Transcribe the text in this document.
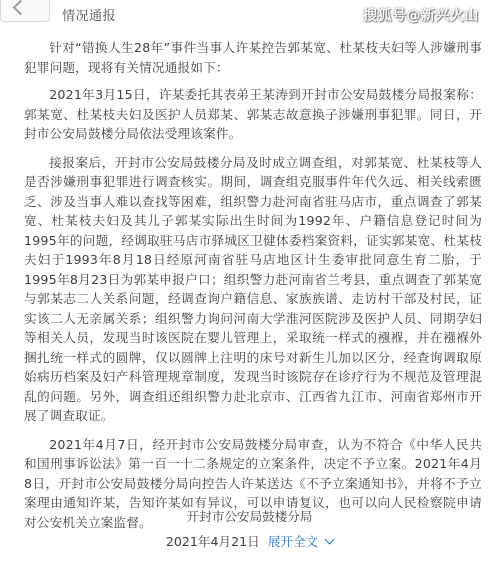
情况通报	搜狐号@新兴火山

针对“错换人生28年”事件当事人许某控告郭某宽、杜某枝夫妇等人涉嫌刑事犯罪问题，现将有关情况通报如下：

2021年3月15日，许某委托其表弟王某涛到开封市公安局鼓楼分局报案称：郭某宽、杜某枝夫妇及医护人员郑某、郭某志故意换子涉嫌刑事犯罪。同日，开封市公安局鼓楼分局依法受理该案件。

接报案后，开封市公安局鼓楼分局及时成立调查组，对郭某宽、杜某枝等人是否涉嫌刑事犯罪进行调查核实。期间，调查组克服事件年代久远、相关线索匮乏、涉及当事人难以查找等困难，组织警力赴河南省驻马店市，重点调查了郭某宽、杜某枝夫妇及其儿子郭某实际出生时间为1992年、户籍信息登记时间为1995年的问题，经调取驻马店市驿城区卫健体委档案资料，证实郭某宽、杜某枝夫妇于1993年8月18日经原河南省驻马店地区计生委审批同意生育二胎，于1995年8月23日为郭某申报户口；组织警力赴河南省兰考县，重点调查了郭某宽与郭某志二人关系问题，经调查询户籍信息、家族族谱、走访村干部及村民，证实该二人无亲属关系；组织警力询问河南大学淮河医院涉及医护人员、同期孕妇等相关人员，发现当时该医院在婴儿管理上，采取统一样式的襁褓，并在襁褓外捆扎统一样式的圆牌，仅以圆牌上注明的床号对新生儿加以区分，经查询调取原始病历档案及妇产科管理规章制度，发现当时该院存在诊疗行为不规范及管理混乱的问题。另外，调查组还组织警力赴北京市、江西省九江市、河南省郑州市开展了调查取证。

2021年4月7日，经开封市公安局鼓楼分局审查，认为不符合《中华人民共和国刑事诉讼法》第一百一十二条规定的立案条件，决定不予立案。2021年4月8日，开封市公安局鼓楼分局向控告人许某送达《不予立案通知书》，并将不予立案理由通知许某，告知许某如有异议，可以申请复议，也可以向人民检察院申请对公安机关立案监督。	开封市公安局鼓楼分局
2021年4月21日 展开全文
